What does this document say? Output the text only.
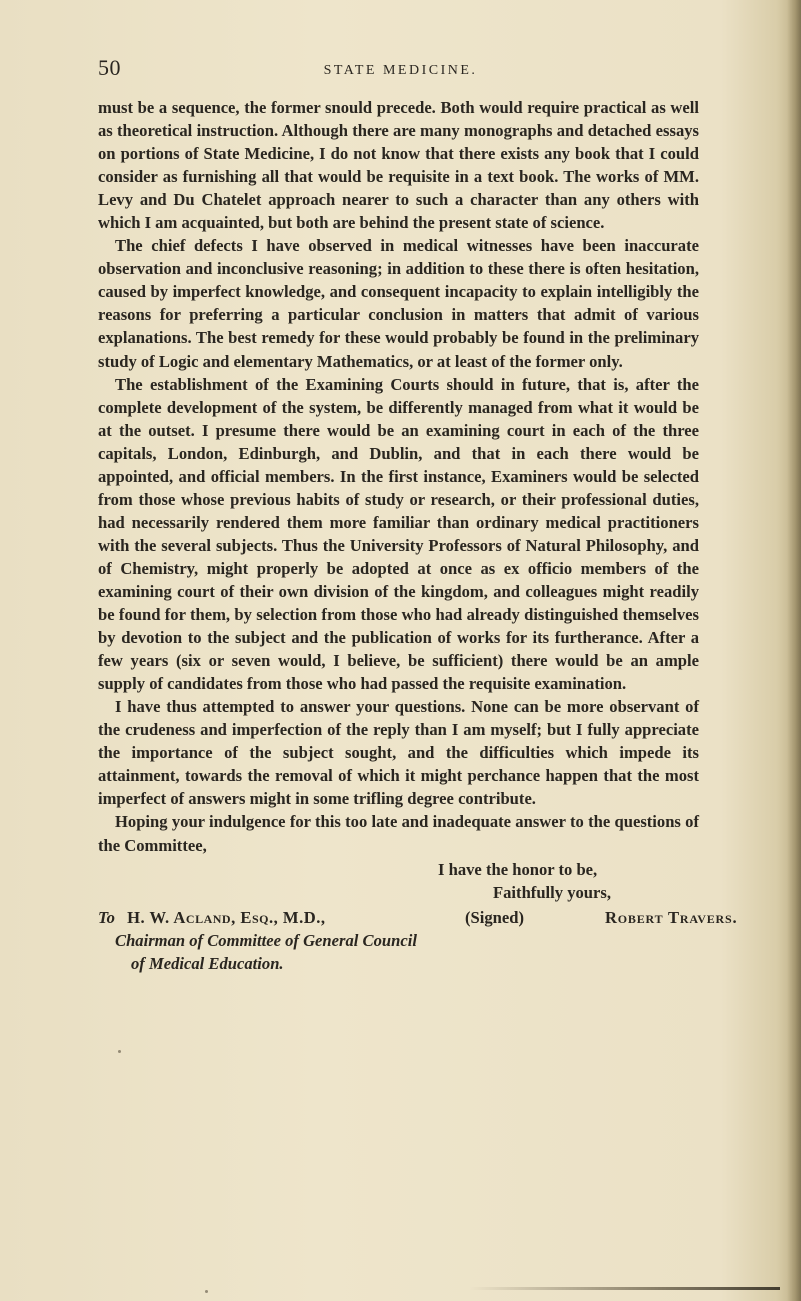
50	STATE MEDICINE.

must be a sequence, the former snould precede. Both would require practical as well as theoretical instruction. Although there are many monographs and detached essays on portions of State Medicine, I do not know that there exists any book that I could consider as furnishing all that would be requisite in a text book. The works of MM. Levy and Du Chatelet approach nearer to such a character than any others with which I am acquainted, but both are behind the present state of science.

The chief defects I have observed in medical witnesses have been inaccurate observation and inconclusive reasoning; in addition to these there is often hesitation, caused by imperfect knowledge, and consequent incapacity to explain intelligibly the reasons for preferring a particular conclusion in matters that admit of various explanations. The best remedy for these would probably be found in the preliminary study of Logic and elementary Mathematics, or at least of the former only.

The establishment of the Examining Courts should in future, that is, after the complete development of the system, be differently managed from what it would be at the outset. I presume there would be an examining court in each of the three capitals, London, Edinburgh, and Dublin, and that in each there would be appointed, and official members. In the first instance, Examiners would be selected from those whose previous habits of study or research, or their professional duties, had necessarily rendered them more familiar than ordinary medical practitioners with the several subjects. Thus the University Professors of Natural Philosophy, and of Chemistry, might properly be adopted at once as ex officio members of the examining court of their own division of the kingdom, and colleagues might readily be found for them, by selection from those who had already distinguished themselves by devotion to the subject and the publication of works for its furtherance. After a few years (six or seven would, I believe, be sufficient) there would be an ample supply of candidates from those who had passed the requisite examination.

I have thus attempted to answer your questions. None can be more observant of the crudeness and imperfection of the reply than I am myself; but I fully appreciate the importance of the subject sought, and the difficulties which impede its attainment, towards the removal of which it might perchance happen that the most imperfect of answers might in some trifling degree contribute.

Hoping your indulgence for this too late and inadequate answer to the questions of the Committee,

I have the honor to be,
Faithfully yours,
To H. W. Acland, Esq., M.D.,	(Signed)	Robert Travers.
Chairman of Committee of General Council
of Medical Education.
